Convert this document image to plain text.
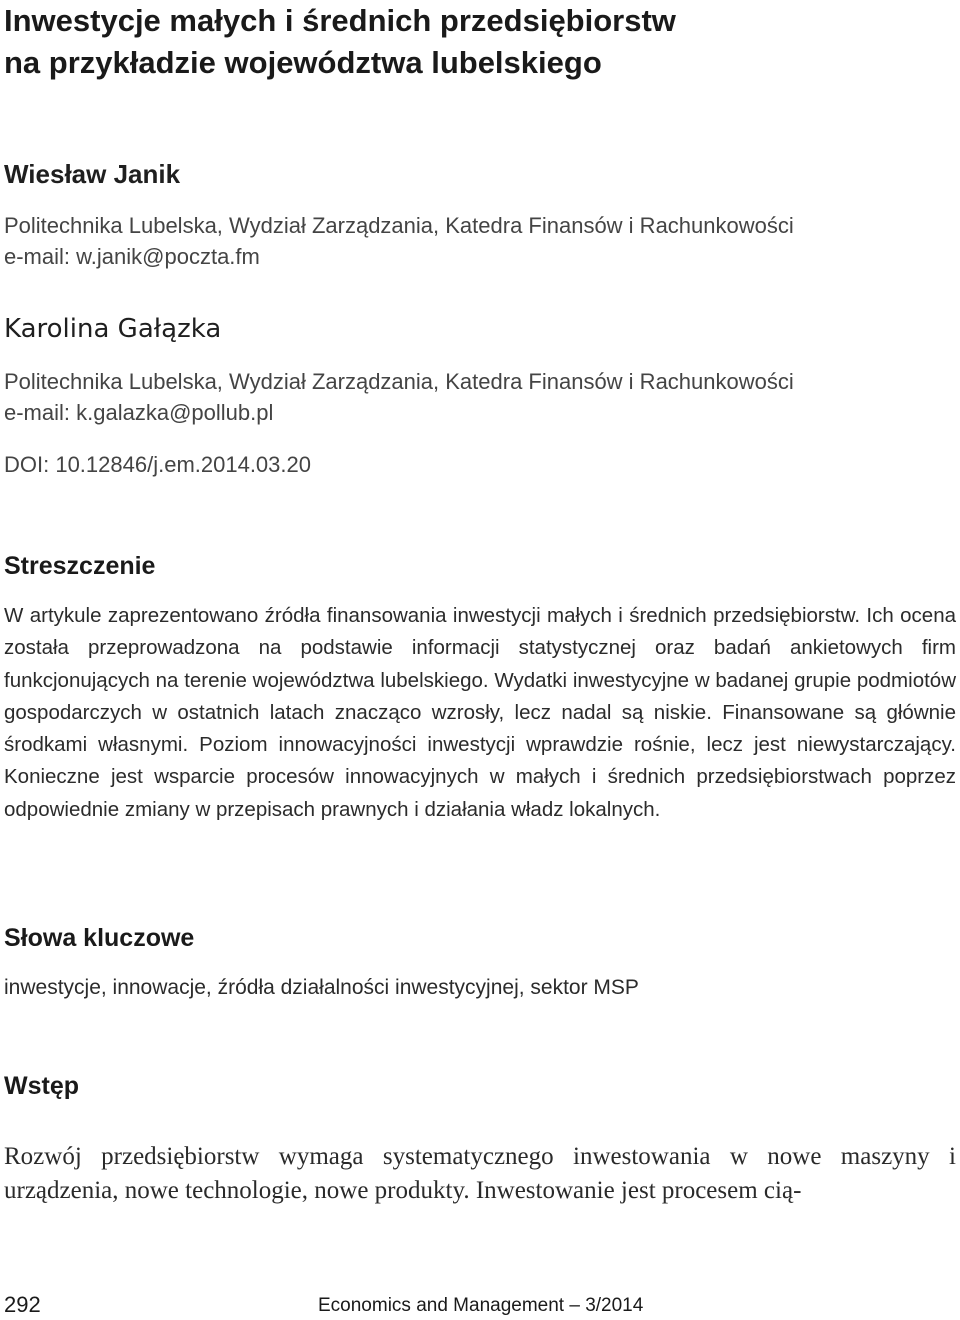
Inwestycje małych i średnich przedsiębiorstw
na przykładzie województwa lubelskiego

Wiesław Janik

Politechnika Lubelska, Wydział Zarządzania, Katedra Finansów i Rachunkowości

e-mail: w.janik@poczta.fm

Karolina Gałązka

Politechnika Lubelska, Wydział Zarządzania, Katedra Finansów i Rachunkowości

e-mail: k.galazka@pollub.pl

DOI: 10.12846/j.em.2014.03.20

Streszczenie

W artykule zaprezentowano źródła finansowania inwestycji małych i średnich przedsiębiorstw. Ich ocena została przeprowadzona na podstawie informacji statystycznej oraz badań ankietowych firm funkcjonujących na terenie województwa lubelskiego. Wydatki inwestycyjne w badanej grupie podmiotów gospodarczych w ostatnich latach znacząco wzrosły, lecz nadal są niskie. Finansowane są głównie środkami własnymi. Poziom innowacyjności inwestycji wprawdzie rośnie, lecz jest niewystarczający. Konieczne jest wsparcie procesów innowacyjnych w małych i średnich przedsiębiorstwach poprzez odpowiednie zmiany w przepisach prawnych i działania władz lokalnych.

Słowa kluczowe

inwestycje, innowacje, źródła działalności inwestycyjnej, sektor MSP

Wstęp

Rozwój przedsiębiorstw wymaga systematycznego inwestowania w nowe maszyny i urządzenia, nowe technologie, nowe produkty. Inwestowanie jest procesem cią-

292	Economics and Management – 3/2014
